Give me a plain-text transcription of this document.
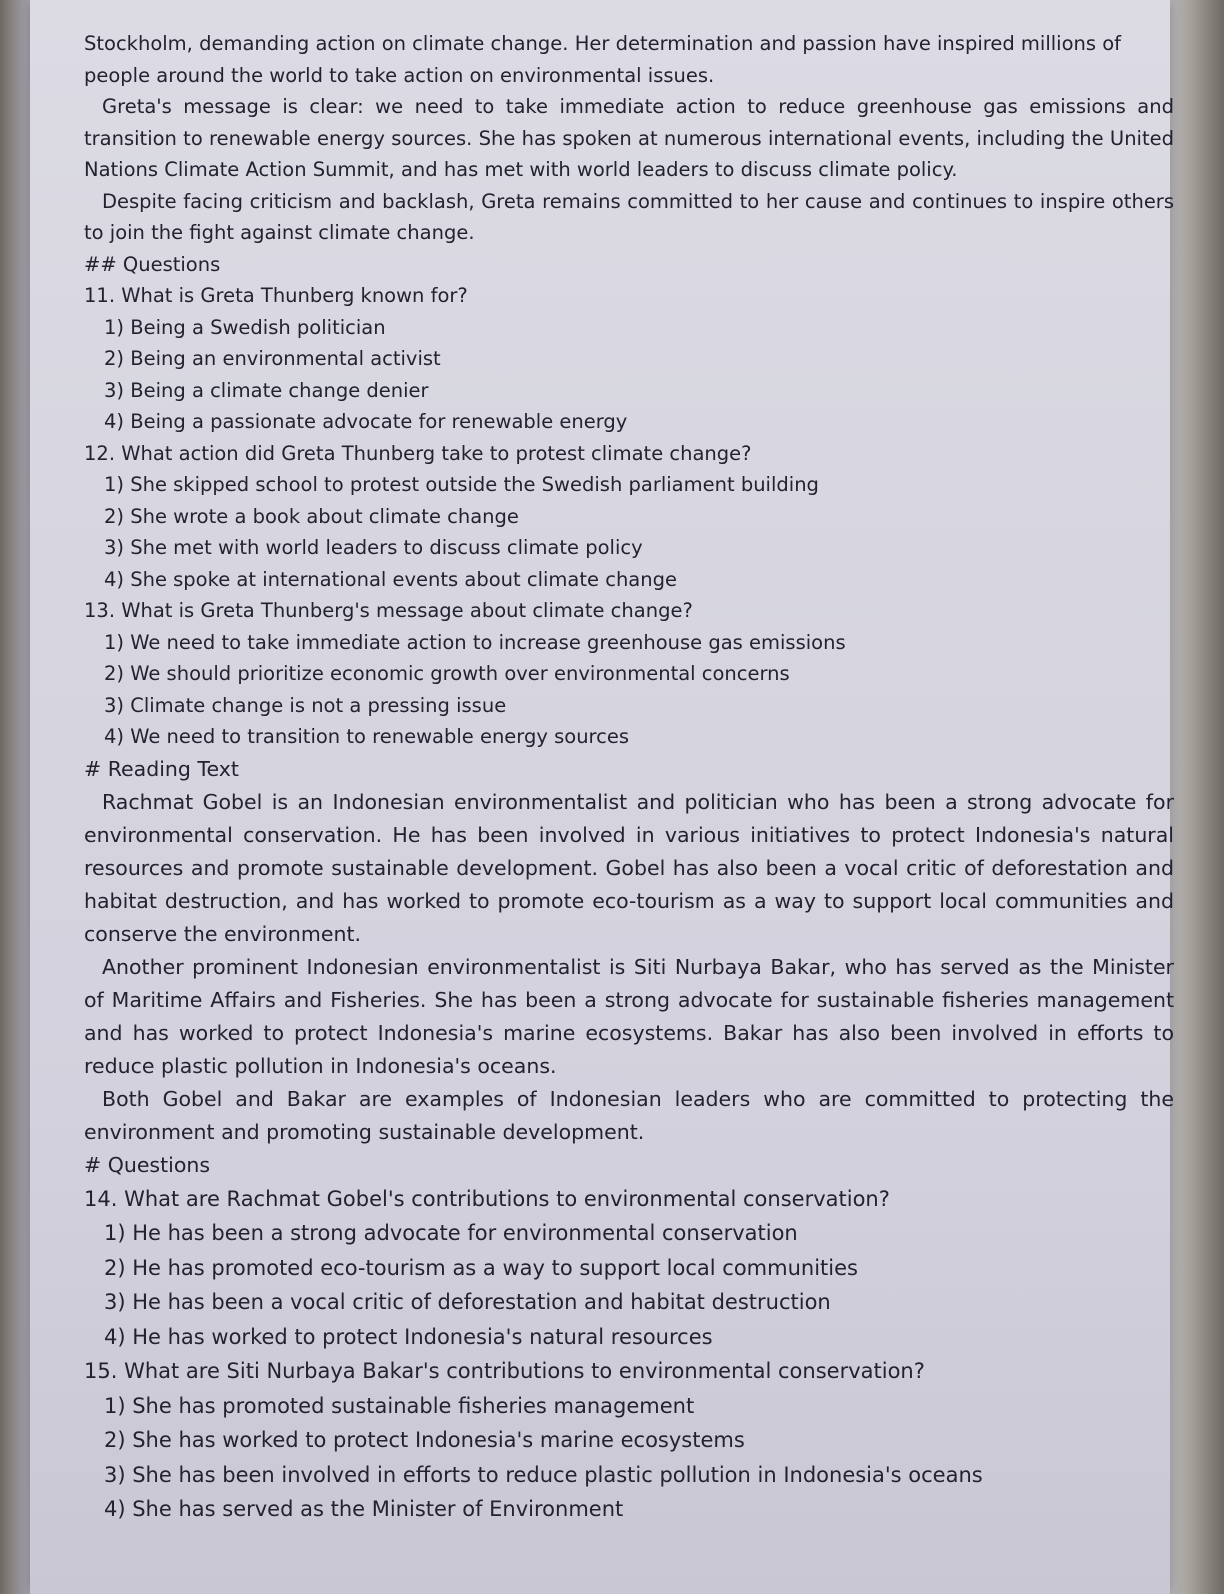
Stockholm, demanding action on climate change. Her determination and passion have inspired millions of

people around the world to take action on environmental issues.

Greta's message is clear: we need to take immediate action to reduce greenhouse gas emissions and transition to renewable energy sources. She has spoken at numerous international events, including the United Nations Climate Action Summit, and has met with world leaders to discuss climate policy.

Despite facing criticism and backlash, Greta remains committed to her cause and continues to inspire others to join the fight against climate change.

## Questions

11. What is Greta Thunberg known for?

1) Being a Swedish politician

2) Being an environmental activist

3) Being a climate change denier

4) Being a passionate advocate for renewable energy

12. What action did Greta Thunberg take to protest climate change?

1) She skipped school to protest outside the Swedish parliament building

2) She wrote a book about climate change

3) She met with world leaders to discuss climate policy

4) She spoke at international events about climate change

13. What is Greta Thunberg's message about climate change?

1) We need to take immediate action to increase greenhouse gas emissions

2) We should prioritize economic growth over environmental concerns

3) Climate change is not a pressing issue

4) We need to transition to renewable energy sources

# Reading Text

Rachmat Gobel is an Indonesian environmentalist and politician who has been a strong advocate for environmental conservation. He has been involved in various initiatives to protect Indonesia's natural resources and promote sustainable development. Gobel has also been a vocal critic of deforestation and habitat destruction, and has worked to promote eco-tourism as a way to support local communities and conserve the environment.

Another prominent Indonesian environmentalist is Siti Nurbaya Bakar, who has served as the Minister of Maritime Affairs and Fisheries. She has been a strong advocate for sustainable fisheries management and has worked to protect Indonesia's marine ecosystems. Bakar has also been involved in efforts to reduce plastic pollution in Indonesia's oceans.

Both Gobel and Bakar are examples of Indonesian leaders who are committed to protecting the environment and promoting sustainable development.

# Questions

14. What are Rachmat Gobel's contributions to environmental conservation?

1) He has been a strong advocate for environmental conservation

2) He has promoted eco-tourism as a way to support local communities

3) He has been a vocal critic of deforestation and habitat destruction

4) He has worked to protect Indonesia's natural resources

15. What are Siti Nurbaya Bakar's contributions to environmental conservation?

1) She has promoted sustainable fisheries management

2) She has worked to protect Indonesia's marine ecosystems

3) She has been involved in efforts to reduce plastic pollution in Indonesia's oceans

4) She has served as the Minister of Environment
